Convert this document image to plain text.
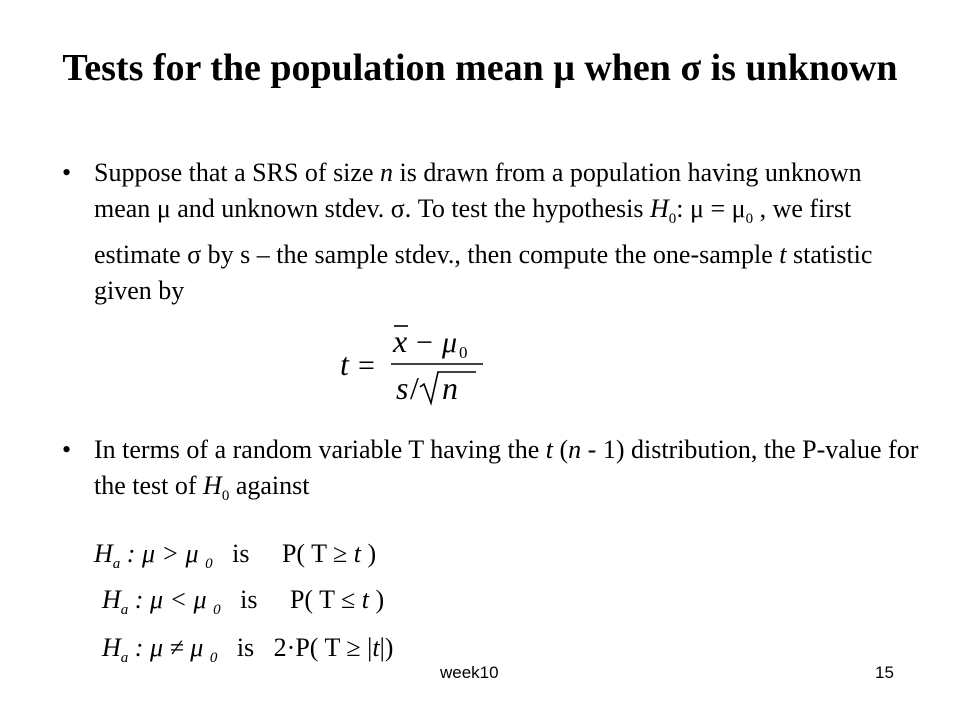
Tests for the population mean μ when σ is unknown
• Suppose that a SRS of size n is drawn from a population having unknown mean μ and unknown stdev. σ. To test the hypothesis $H_0$: $\mu = \mu_0$ , we first estimate σ by s – the sample stdev., then compute the one-sample t statistic given by
t =
x − μ 0
s / n
• In terms of a random variable T having the t (n - 1) distribution, the P-value for the test of $H_0$ against
$H_a$ : μ > μ $_0$   is     P( T ≥ t )
$H_a$ : μ < μ $_0$   is     P( T ≤ t )
$H_a$ : μ ≠ μ $_0$   is   2·P( T ≥ |t|)
week10	15
